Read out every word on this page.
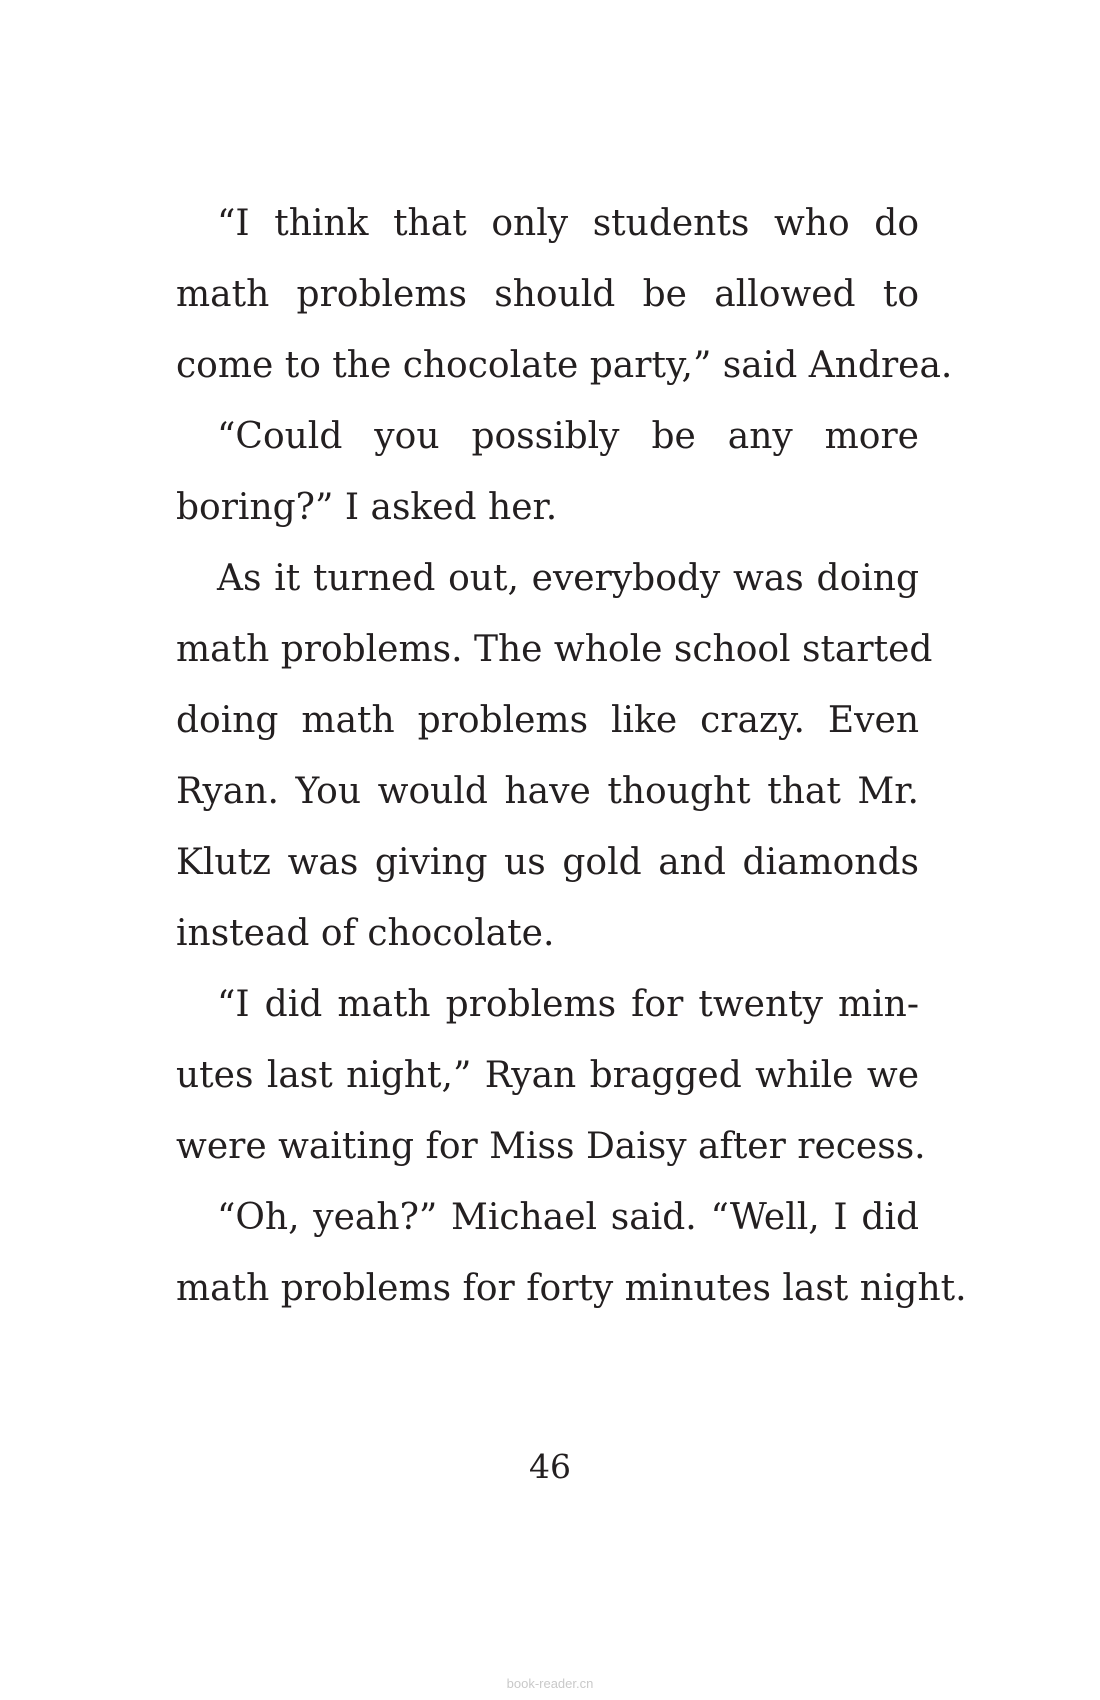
“I think that only students who do
math problems should be allowed to
come to the chocolate party,” said Andrea.
“Could you possibly be any more
boring?” I asked her.
As it turned out, everybody was doing
math problems. The whole school started
doing math problems like crazy. Even
Ryan. You would have thought that Mr.
Klutz was giving us gold and diamonds
instead of chocolate.
“I did math problems for twenty min-
utes last night,” Ryan bragged while we
were waiting for Miss Daisy after recess.
“Oh, yeah?” Michael said. “Well, I did
math problems for forty minutes last night.
46
book-reader.cn
